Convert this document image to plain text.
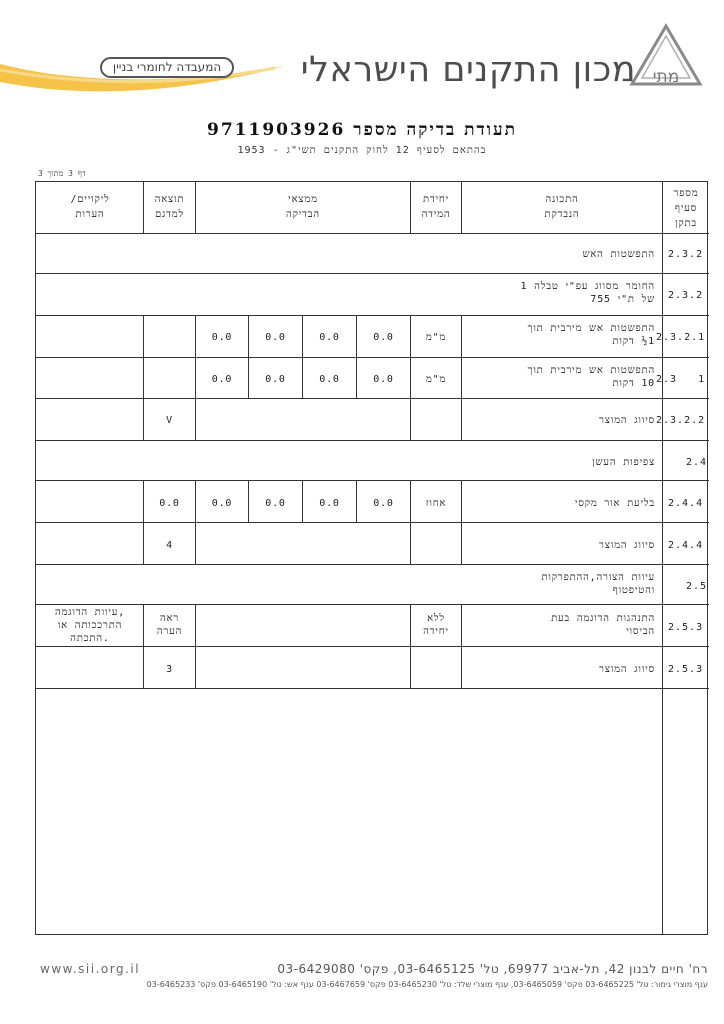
מתי
מכון התקנים הישראלי
המעבדה לחומרי בניין
תעודת בדיקה מספר 9711903926
בהתאם לסעיף 12 לחוק התקנים תשי"ג - 1953
דף 3 מתוך 3
מספר
סעיף
בתקן
התכונה
הנבדקת
יחידת
המידה
ממצאי
הבדיקה
תוצאה
למדגם
ליקויים/
הערות
2.3.2
התפשטות האש
2.3.2
החומר מסווג עפ"י טבלה 1
של ת"י 755
2.3.2.1
התפשטות אש מירבית תוך
1½ דקות
מ"מ
0.0
0.0
0.0
0.0
2.3   1
התפשטות אש מירבית תוך
10 דקות
מ"מ
0.0
0.0
0.0
0.0
2.3.2.2
סיווג המוצר
V
2.4
צפיפות העשן
2.4.4
בליעת אור מקסי
אחוז
0.0
0.0
0.0
0.0
0.0
2.4.4
סיווג המוצר
4
2.5
עיוות הצורה,ההתפרקות
והטיפטוף
2.5.3
התנהגות הדוגמה בעת
הביסוי
ללא
יחידה
ראה
הערה
עיוות הדוגמה,
התרככותה או
התכתה.
2.5.3
סיווג המוצר
3
www.sii.org.il	רח' חיים לבנון 42, תל-אביב 69977, טל' 03-6465125, פקס' 03-6429080
ענף מוצרי גימור: טל' 03-6465225 פקס' 03-6465059, ענף מוצרי שלד: טל' 03-6465230 פקס' 03-6467659 ענף אש: טל' 03-6465190 פקס' 03-6465233
